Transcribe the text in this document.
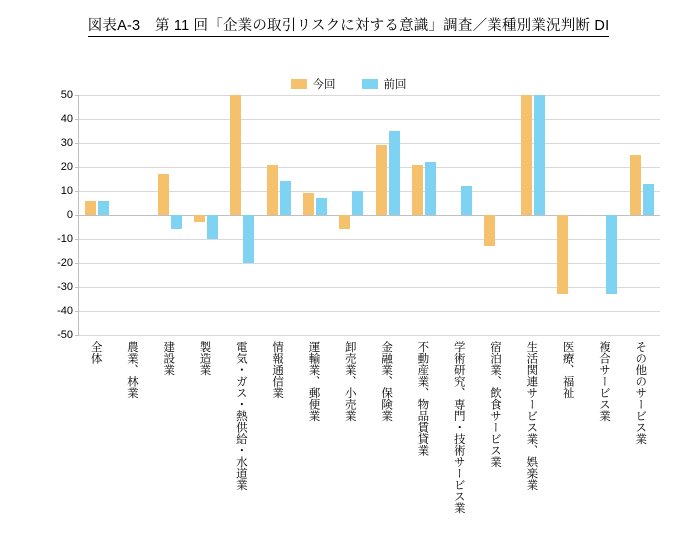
図表A-3　第 11 回「企業の取引リスクに対する意識」調査／業種別業況判断 DI
今回	前回
50
40
30
20
10
0
-10
-20
-30
-40
-50
全体 農業、林業 建設業 製造業 電気・ガス・熱供給・水道業 情報通信業 運輸業、郵便業 卸売業、小売業 金融業、保険業 不動産業、物品賃貸業 学術研究、専門・技術サービス業 宿泊業、飲食サービス業 生活関連サービス業、娯楽業 医療、福祉 複合サービス業 その他のサービス業
